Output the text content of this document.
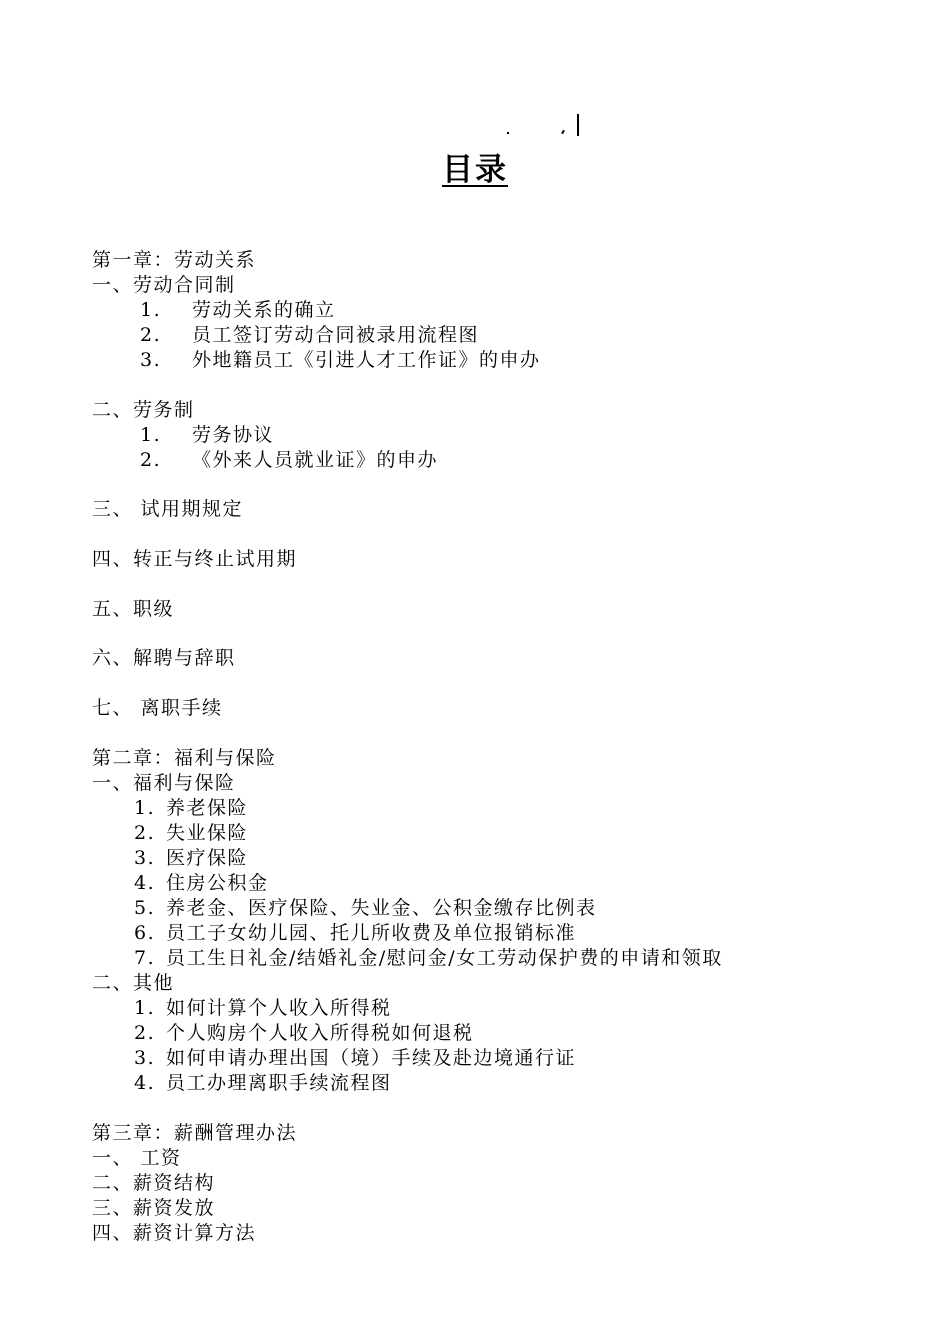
目录
第一章：劳动关系
一、劳动合同制
1. 劳动关系的确立
2. 员工签订劳动合同被录用流程图
3. 外地籍员工《引进人才工作证》的申办
二、劳务制
1. 劳务协议
2. 《外来人员就业证》的申办
三、 试用期规定
四、转正与终止试用期
五、职级
六、解聘与辞职
七、 离职手续
第二章：福利与保险
一、福利与保险
1. 养老保险
2. 失业保险
3. 医疗保险
4. 住房公积金
5. 养老金、医疗保险、失业金、公积金缴存比例表
6. 员工子女幼儿园、托儿所收费及单位报销标准
7. 员工生日礼金/结婚礼金/慰问金/女工劳动保护费的申请和领取
二、其他
1. 如何计算个人收入所得税
2. 个人购房个人收入所得税如何退税
3. 如何申请办理出国（境）手续及赴边境通行证
4. 员工办理离职手续流程图
第三章：薪酬管理办法
一、 工资
二、薪资结构
三、薪资发放
四、薪资计算方法
